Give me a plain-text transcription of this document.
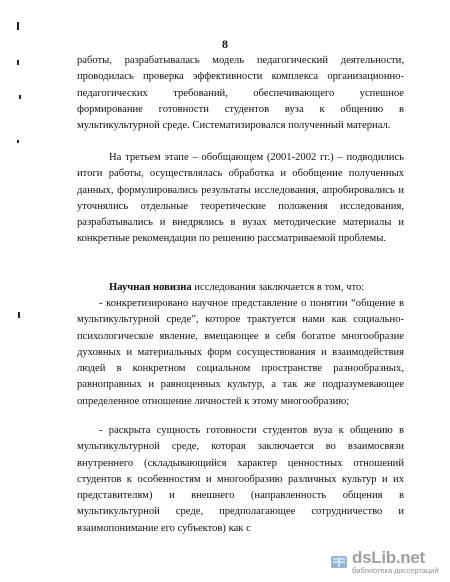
8
работы, разрабатывалась модель педагогический деятельности, проводилась проверка эффективности комплекса организационно-педагогических требований, обеспечивающего успешное формирование готовности студентов вуза к общению в мультикультурной среде. Систематизировался полученный материал.
На третьем этапе – обобщающем (2001-2002 гг.) – подводились итоги работы, осуществлялась обработка и обобщение полученных данных, формулировались результаты исследования, апробировались и уточнялись отдельные теоретические положения исследования, разрабатывались и внедрялись в вузах методические материалы и конкретные рекомендации по решению рассматриваемой проблемы.
Научная новизна исследования заключается в том, что:
- конкретизировано научное представление о понятии “общение в мультикультурной среде”, которое трактуется нами как социально-психологическое явление, вмещающее в себя богатое многообразие духовных и материальных форм сосуществования и взаимодействия людей в конкретном социальном пространстве разнообразных, равноправных и равноценных культур, а так же подразумевающее определенное отношение личностей к этому многообразию;
- раскрыта сущность готовности студентов вуза к общению в мультикультурной среде, которая заключается во взаимосвязи внутреннего (складывающийся характер ценностных отношений студентов к особенностям и многообразию различных культур и их представителям) и внешнего (направленность общения в мультикультурной среде, предполагающее сотрудничество и взаимопонимание его субъектов) как с
dsLib.net
библиотека диссертаций
